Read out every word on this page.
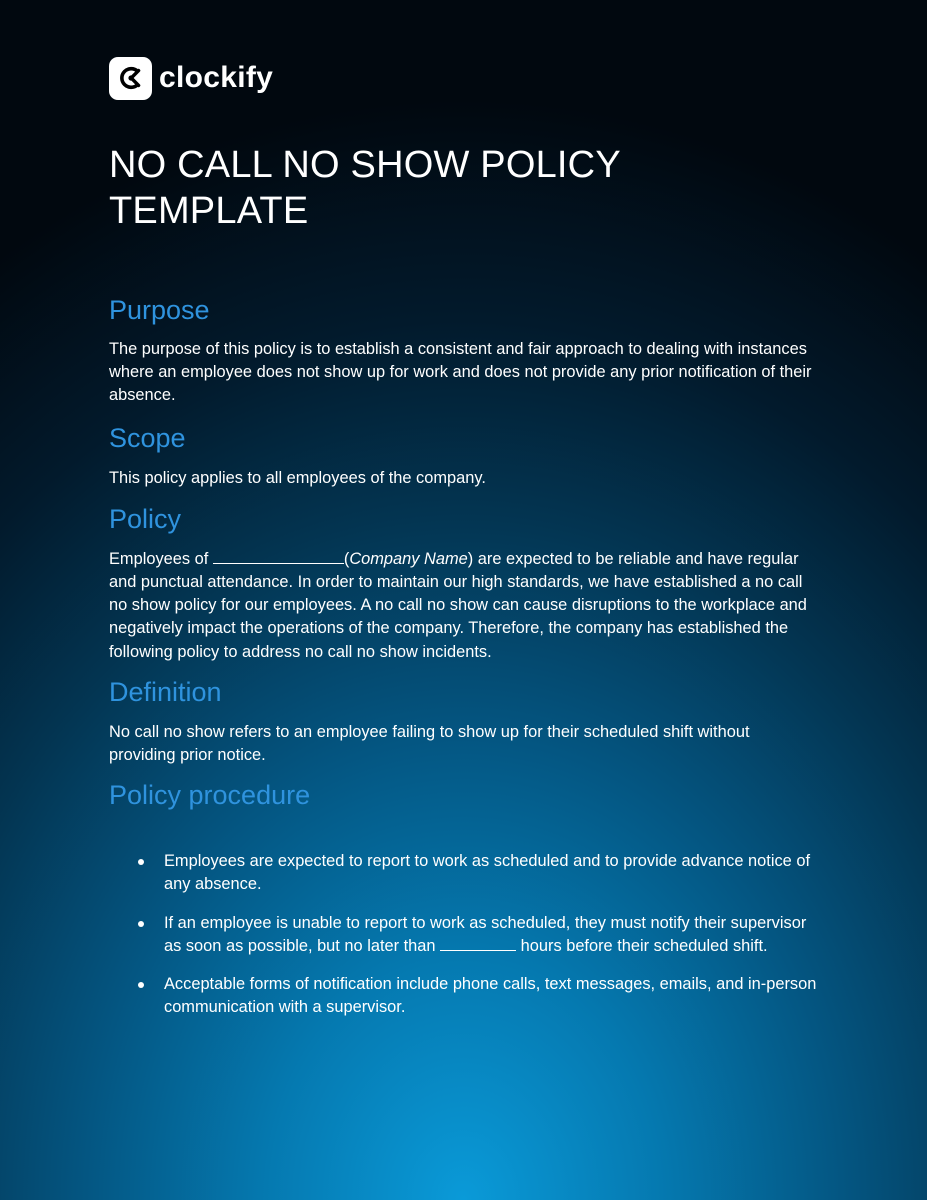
clockify
NO CALL NO SHOW POLICY TEMPLATE
Purpose

The purpose of this policy is to establish a consistent and fair approach to dealing with instances where an employee does not show up for work and does not provide any prior notification of their absence.

Scope

This policy applies to all employees of the company.

Policy

Employees of	(Company Name) are expected to be reliable and have regular and punctual attendance. In order to maintain our high standards, we have established a no call no show policy for our employees. A no call no show can cause disruptions to the workplace and negatively impact the operations of the company. Therefore, the company has established the following policy to address no call no show incidents.

Definition

No call no show refers to an employee failing to show up for their scheduled shift without providing prior notice.

Policy procedure
Employees are expected to report to work as scheduled and to provide advance notice of any absence.
If an employee is unable to report to work as scheduled, they must notify their supervisor as soon as possible, but no later than	hours before their scheduled shift.
Acceptable forms of notification include phone calls, text messages, emails, and in-person communication with a supervisor.
